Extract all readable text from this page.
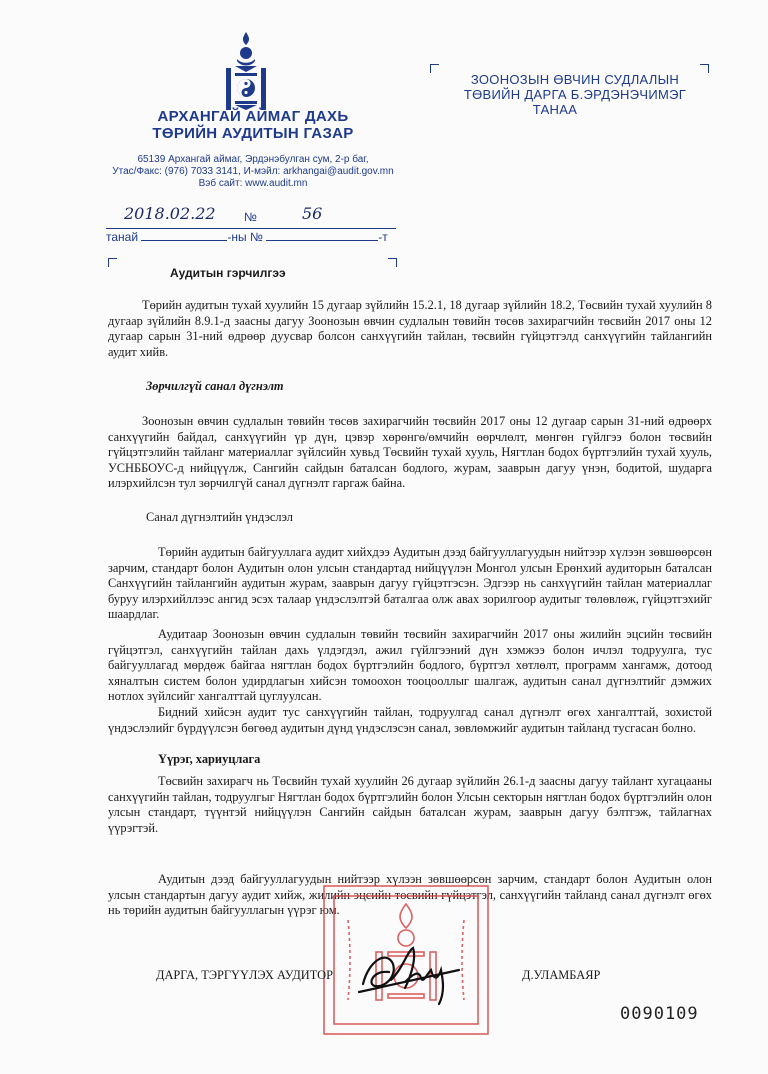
АРХАНГАЙ АЙМАГ ДАХЬ
ТӨРИЙН АУДИТЫН ГАЗАР
65139 Архангай аймаг, Эрдэнэбулган сум, 2-р баг,
Утас/Факс: (976) 7033 3141, И-мэйл: arkhangai@audit.gov.mn
Вэб сайт: www.audit.mn
ЗООНОЗЫН ӨВЧИН СУДЛАЛЫН
ТӨВИЙН ДАРГА Б.ЭРДЭНЭЧИМЭГ
ТАНАА
2018.02.22 №	56
танай	-ны №	-т
Аудитын гэрчилгээ

Төрийн аудитын тухай хуулийн 15 дугаар зүйлийн 15.2.1, 18 дугаар зүйлийн 18.2, Төсвийн тухай хуулийн 8 дугаар зүйлийн 8.9.1-д заасны дагуу Зоонозын өвчин судлалын төвийн төсөв захирагчийн төсвийн 2017 оны 12 дугаар сарын 31-ний өдрөөр дуусвар болсон санхүүгийн тайлан, төсвийн гүйцэтгэлд санхүүгийн тайлангийн аудит хийв.

Зөрчилгүй санал дүгнэлт

Зоонозын өвчин судлалын төвийн төсөв захирагчийн төсвийн 2017 оны 12 дугаар сарын 31-ний өдрөөрх санхүүгийн байдал, санхүүгийн үр дүн, цэвэр хөрөнгө/өмчийн өөрчлөлт, мөнгөн гүйлгээ болон төсвийн гүйцэтгэлийн тайланг материаллаг зүйлсийн хувьд Төсвийн тухай хууль, Нягтлан бодох бүртгэлийн тухай хууль, УСНББОУС-д нийцүүлж, Сангийн сайдын баталсан бодлого, журам, зааврын дагуу үнэн, бодитой, шударга илэрхийлсэн тул зөрчилгүй санал дүгнэлт гаргаж байна.

Санал дүгнэлтийн үндэслэл

Төрийн аудитын байгууллага аудит хийхдээ Аудитын дээд байгууллагуудын нийтээр хүлээн зөвшөөрсөн зарчим, стандарт болон Аудитын олон улсын стандартад нийцүүлэн Монгол улсын Ерөнхий аудиторын баталсан Санхүүгийн тайлангийн аудитын журам, зааврын дагуу гүйцэтгэсэн. Эдгээр нь санхүүгийн тайлан материаллаг буруу илэрхийллээс ангид эсэх талаар үндэслэлтэй баталгаа олж авах зорилгоор аудитыг төлөвлөж, гүйцэтгэхийг шаардлаг.

Аудитаар Зоонозын өвчин судлалын төвийн төсвийн захирагчийн 2017 оны жилийн эцсийн төсвийн гүйцэтгэл, санхүүгийн тайлан дахь үлдэгдэл, ажил гүйлгээний дүн хэмжээ болон ичлэл тодруулга, тус байгууллагад мөрдөж байгаа нягтлан бодох бүртгэлийн бодлого, бүртгэл хөтлөлт, программ хангамж, дотоод хяналтын систем болон удирдлагын хийсэн томоохон тооцооллыг шалгаж, аудитын санал дүгнэлтийг дэмжих нотлох зүйлсийг хангалттай цуглуулсан.

Бидний хийсэн аудит тус санхүүгийн тайлан, тодруулгад санал дүгнэлт өгөх хангалттай, зохистой үндэслэлийг бүрдүүлсэн бөгөөд аудитын дүнд үндэслэсэн санал, зөвлөмжийг аудитын тайланд тусгасан болно.

Үүрэг, хариуцлага

Төсвийн захирагч нь Төсвийн тухай хуулийн 26 дугаар зүйлийн 26.1-д заасны дагуу тайлант хугацааны санхүүгийн тайлан, тодруулгыг Нягтлан бодох бүртгэлийн болон Улсын секторын нягтлан бодох бүртгэлийн олон улсын стандарт, түүнтэй нийцүүлэн Сангийн сайдын баталсан журам, зааврын дагуу бэлтгэж, тайлагнах үүрэгтэй.

Аудитын дээд байгууллагуудын нийтээр хүлээн зөвшөөрсөн зарчим, стандарт болон Аудитын олон улсын стандартын дагуу аудит хийж, жилийн эцсийн төсвийн гүйцэтгэл, санхүүгийн тайланд санал дүгнэлт өгөх нь төрийн аудитын байгууллагын үүрэг юм.

ДАРГА, ТЭРГҮҮЛЭХ АУДИТОР	Д.УЛАМБАЯР
0090109
